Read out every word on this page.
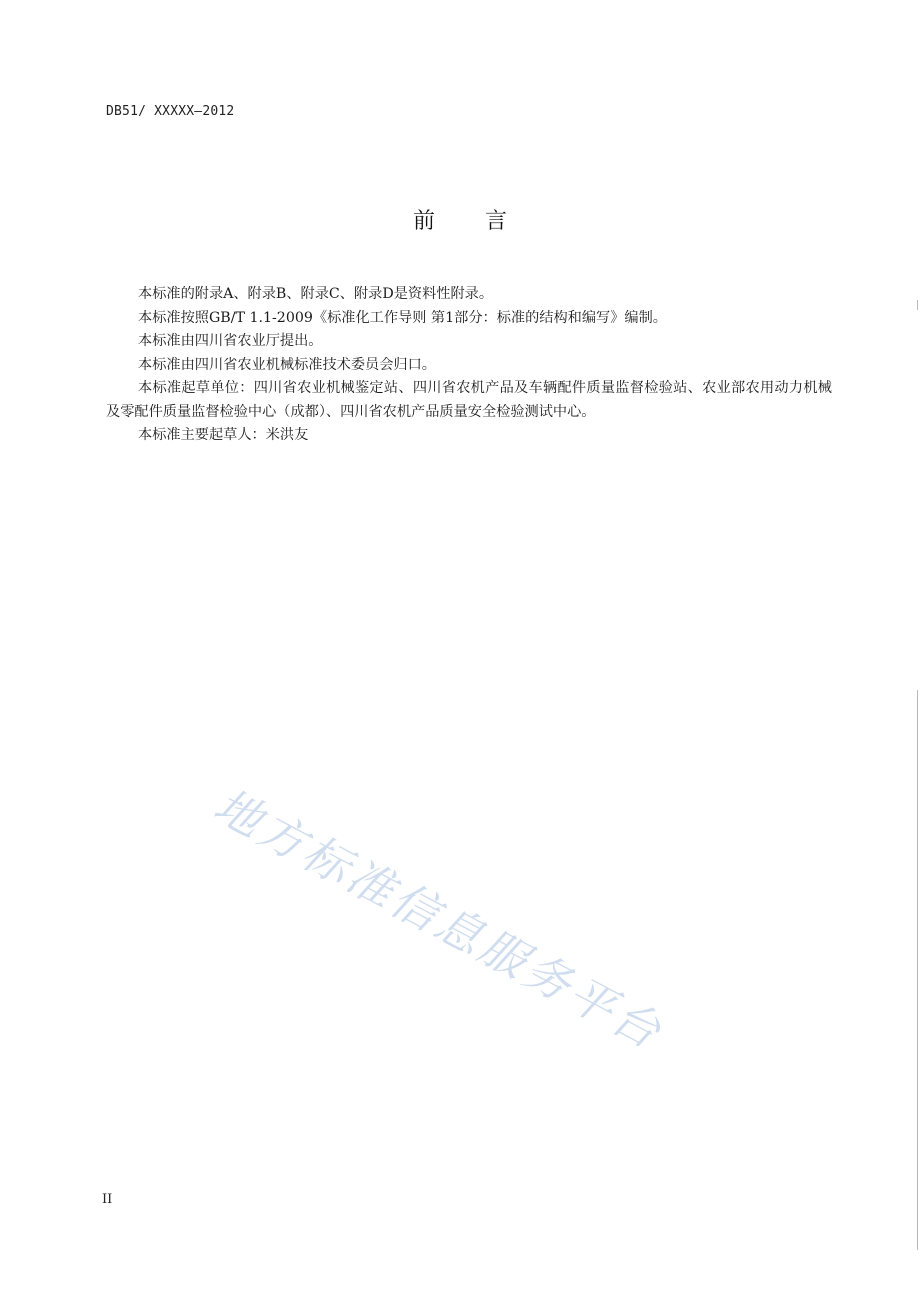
DB51/ XXXXX—2012
前 言

本标准的附录A、附录B、附录C、附录D是资料性附录。

本标准按照GB/T 1.1-2009《标准化工作导则 第1部分：标准的结构和编写》编制。

本标准由四川省农业厅提出。

本标准由四川省农业机械标准技术委员会归口。

本标准起草单位：四川省农业机械鉴定站、四川省农机产品及车辆配件质量监督检验站、农业部农用动力机械及零配件质量监督检验中心（成都）、四川省农机产品质量安全检验测试中心。

本标准主要起草人：米洪友

地方标准信息服务平台
II
